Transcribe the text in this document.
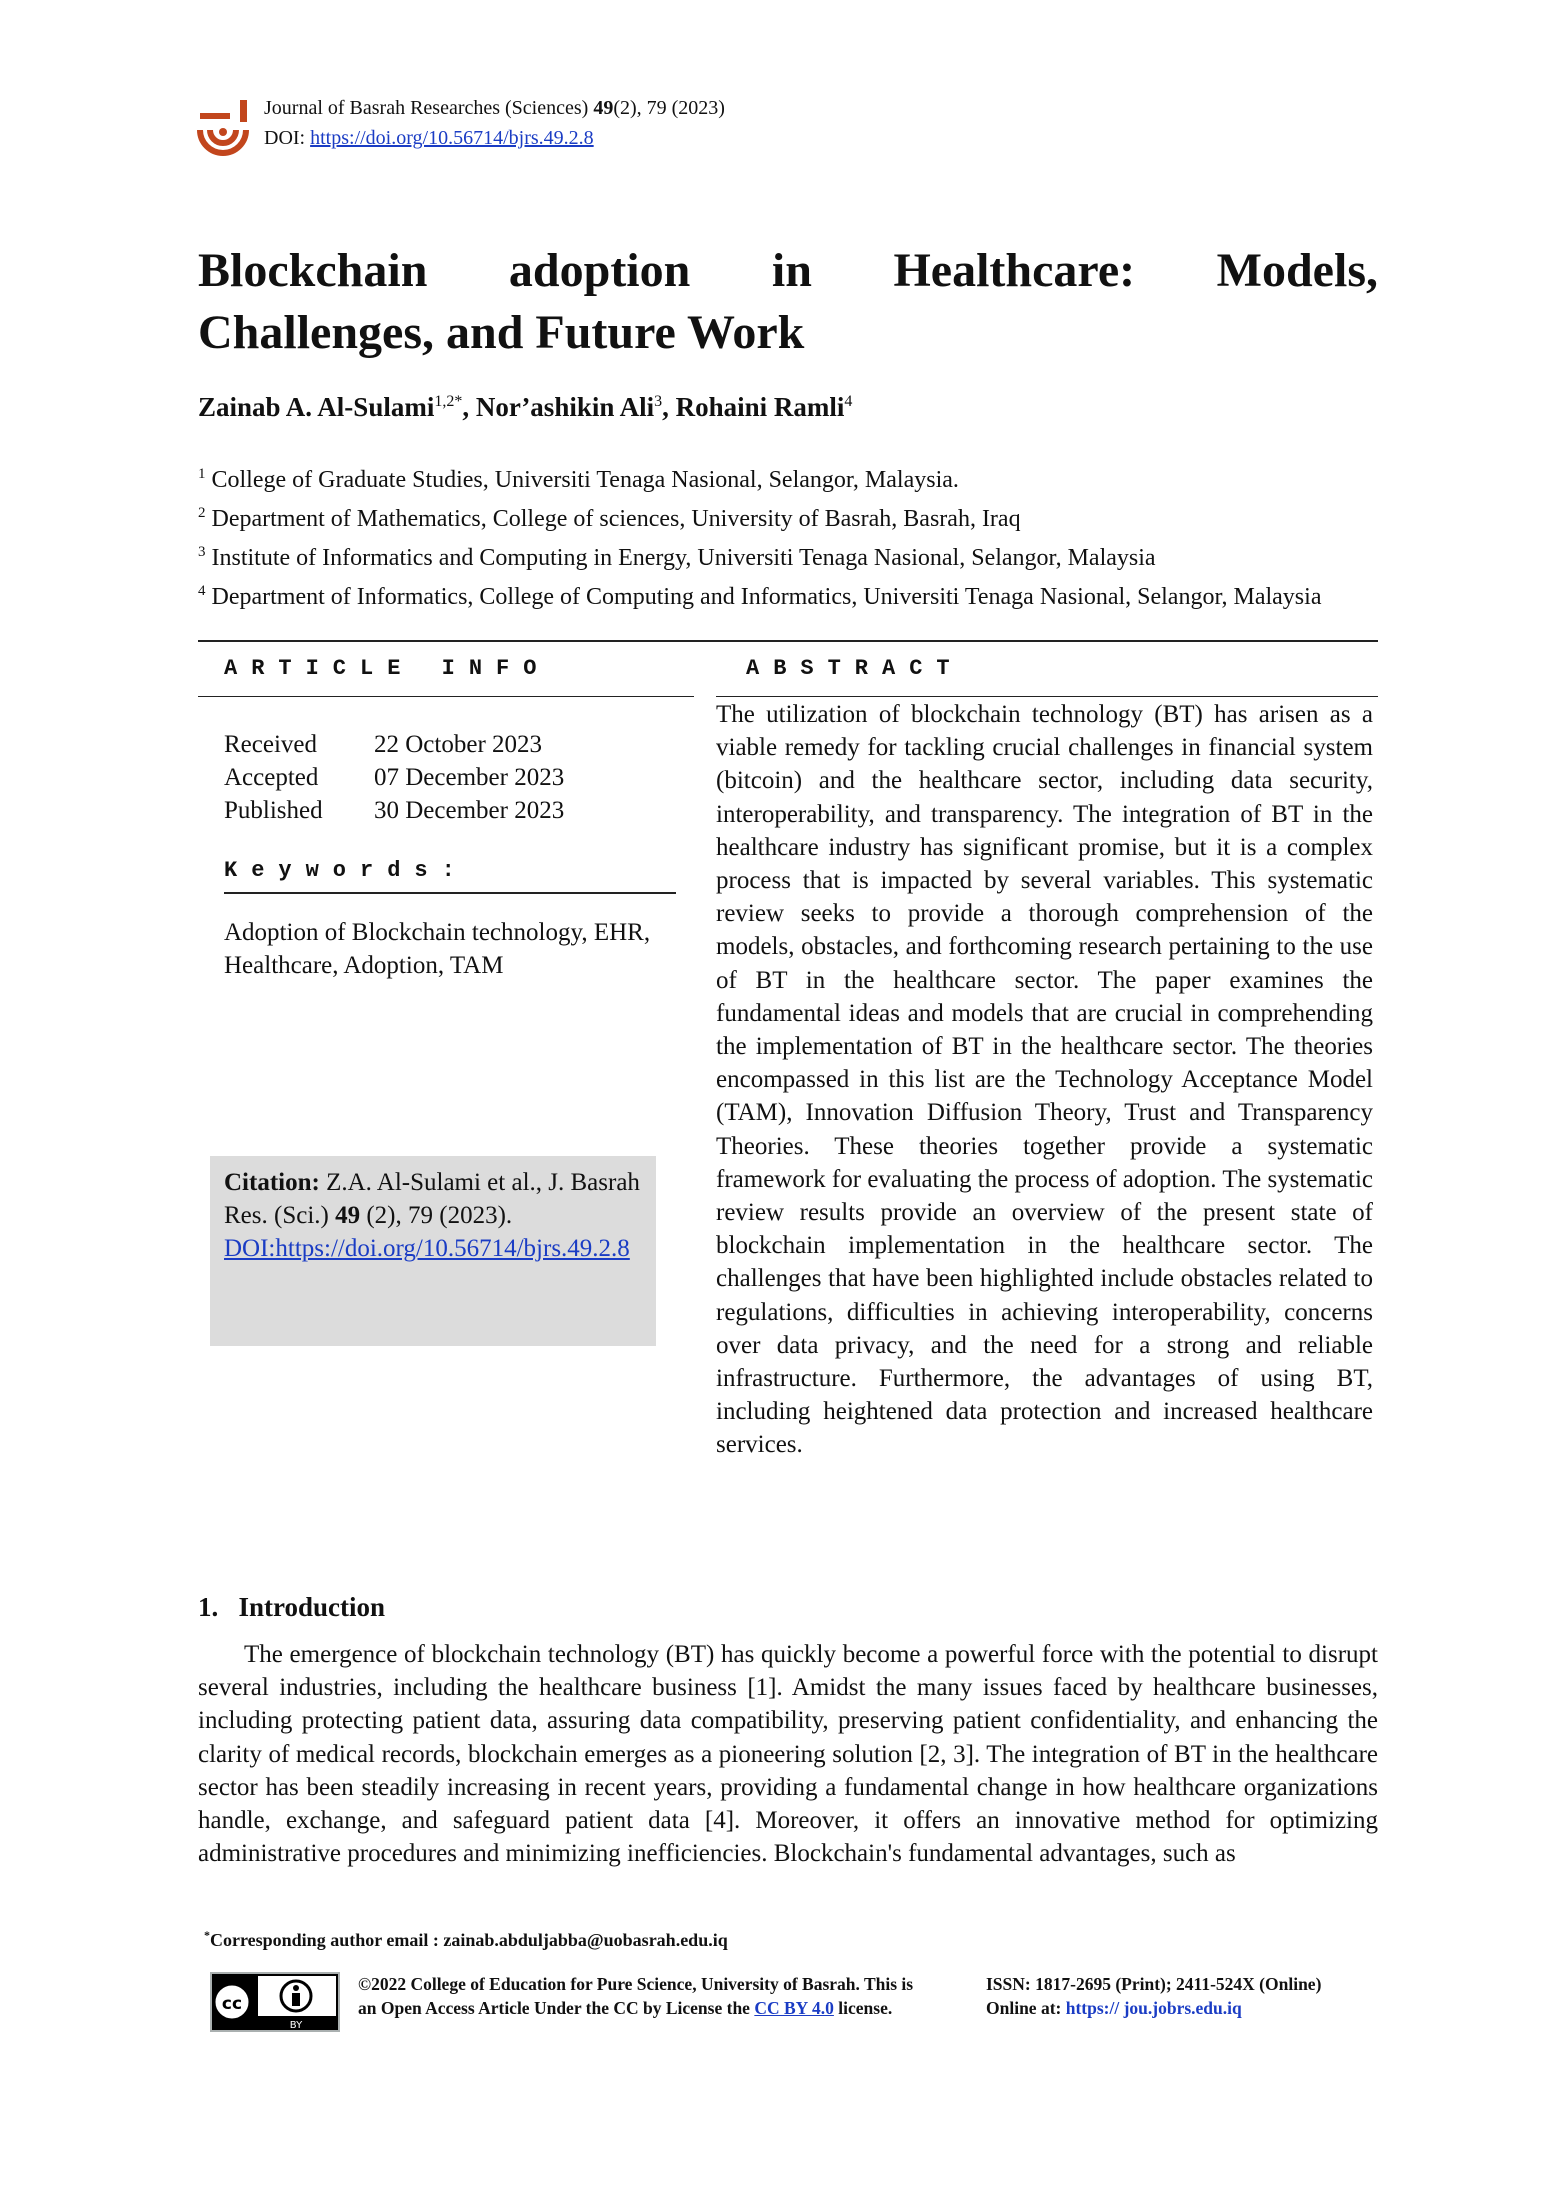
Journal of Basrah Researches (Sciences) 49(2), 79 (2023)
DOI: https://doi.org/10.56714/bjrs.49.2.8
Blockchain adoption in Healthcare: Models,
Challenges, and Future Work
Zainab A. Al-Sulami$^{1,2*}$, Nor’ashikin Ali$^3$, Rohaini Ramli$^4$
$^1$ College of Graduate Studies, Universiti Tenaga Nasional, Selangor, Malaysia.
$^2$ Department of Mathematics, College of sciences, University of Basrah, Basrah, Iraq
$^3$ Institute of Informatics and Computing in Energy, Universiti Tenaga Nasional, Selangor, Malaysia
$^4$ Department of Informatics, College of Computing and Informatics, Universiti Tenaga Nasional, Selangor, Malaysia
ARTICLE INFO	ABSTRACT
Received	22 October 2023
Accepted	07 December 2023
Published	30 December 2023
Keywords:
Adoption of Blockchain technology, EHR, Healthcare, Adoption, TAM
Citation: Z.A. Al-Sulami et al., J. Basrah Res. (Sci.) 49 (2), 79 (2023).
DOI:https://doi.org/10.56714/bjrs.49.2.8
The utilization of blockchain technology (BT) has arisen as a viable remedy for tackling crucial challenges in financial system (bitcoin) and the healthcare sector, including data security, interoperability, and transparency. The integration of BT in the healthcare industry has significant promise, but it is a complex process that is impacted by several variables. This systematic review seeks to provide a thorough comprehension of the models, obstacles, and forthcoming research pertaining to the use of BT in the healthcare sector. The paper examines the fundamental ideas and models that are crucial in comprehending the implementation of BT in the healthcare sector. The theories encompassed in this list are the Technology Acceptance Model (TAM), Innovation Diffusion Theory, Trust and Transparency Theories. These theories together provide a systematic framework for evaluating the process of adoption. The systematic review results provide an overview of the present state of blockchain implementation in the healthcare sector. The challenges that have been highlighted include obstacles related to regulations, difficulties in achieving interoperability, concerns over data privacy, and the need for a strong and reliable infrastructure. Furthermore, the advantages of using BT, including heightened data protection and increased healthcare services.
1.   Introduction
The emergence of blockchain technology (BT) has quickly become a powerful force with the potential to disrupt several industries, including the healthcare business [1]. Amidst the many issues faced by healthcare businesses, including protecting patient data, assuring data compatibility, preserving patient confidentiality, and enhancing the clarity of medical records, blockchain emerges as a pioneering solution [2, 3]. The integration of BT in the healthcare sector has been steadily increasing in recent years, providing a fundamental change in how healthcare organizations handle, exchange, and safeguard patient data [4]. Moreover, it offers an innovative method for optimizing administrative procedures and minimizing inefficiencies. Blockchain's fundamental advantages, such as
*Corresponding author email : zainab.abduljabba@uobasrah.edu.iq
cc
BY
©2022 College of Education for Pure Science, University of Basrah. This is an Open Access Article Under the CC by License the CC BY 4.0 license.
ISSN: 1817-2695 (Print); 2411-524X (Online)
Online at: https:// jou.jobrs.edu.iq
